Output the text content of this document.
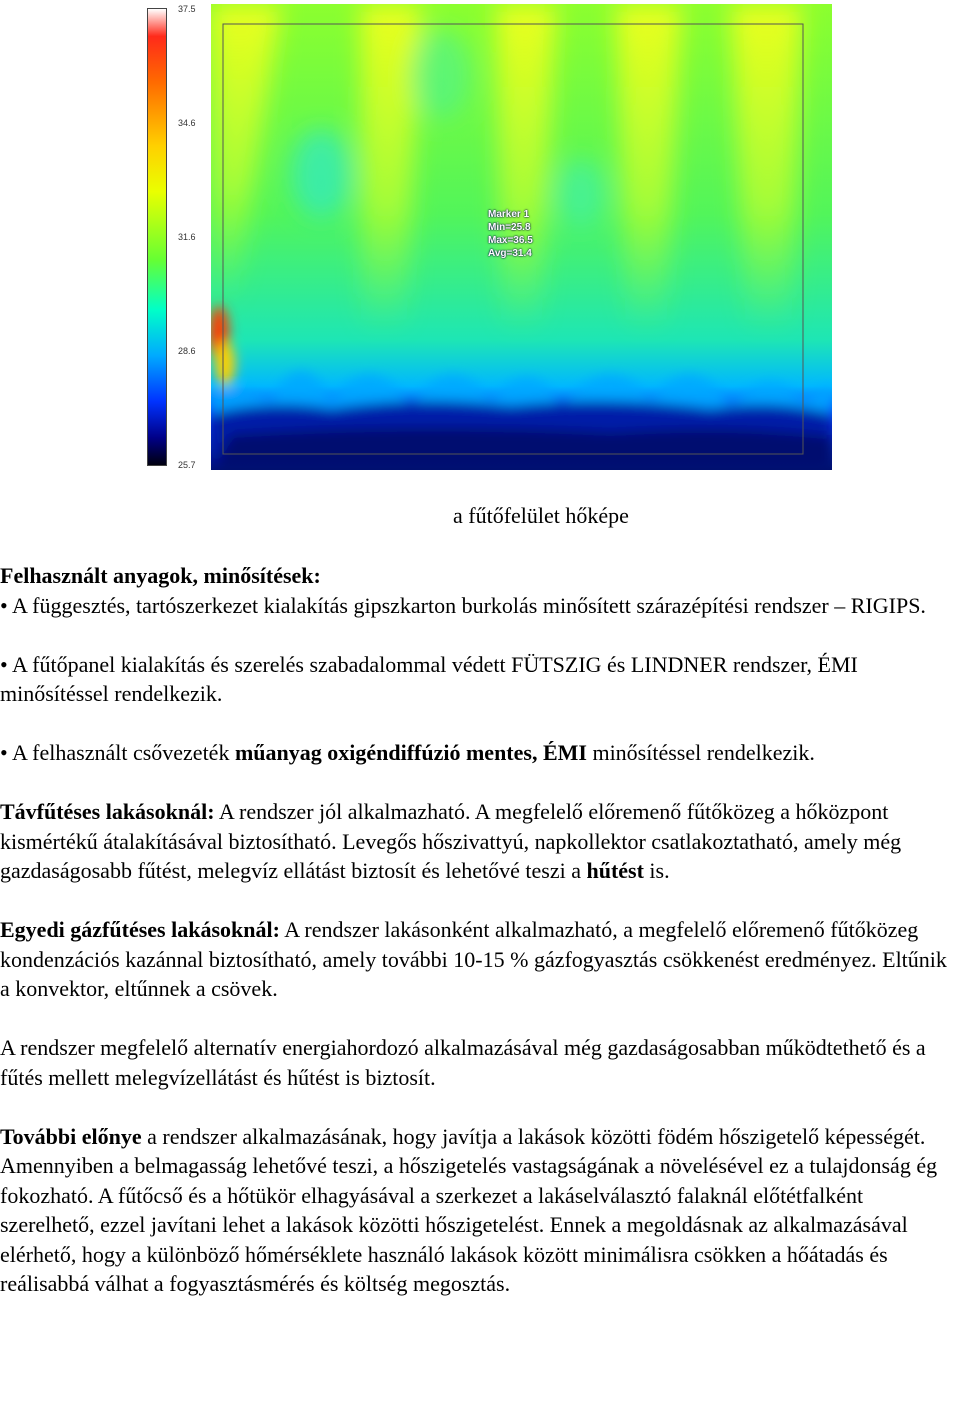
37.5
34.6
31.6
28.6
25.7
Marker 1
Min=25.8
Max=36.5
Avg=31.4
a fűtőfelület hőképe

Felhasznált anyagok, minősítések:
• A függesztés, tartószerkezet kialakítás gipszkarton burkolás minősített szárazépítési rendszer – RIGIPS.

• A fűtőpanel kialakítás és szerelés szabadalommal védett FÜTSZIG és LINDNER rendszer, ÉMI minősítéssel rendelkezik.

• A felhasznált csővezeték műanyag oxigéndiffúzió mentes, ÉMI minősítéssel rendelkezik.

Távfűtéses lakásoknál: A rendszer jól alkalmazható. A megfelelő előremenő fűtőközeg a hőközpont kismértékű átalakításával biztosítható. Levegős hőszivattyú, napkollektor csatlakoztatható, amely még gazdaságosabb fűtést, melegvíz ellátást biztosít és lehetővé teszi a hűtést is.

Egyedi gázfűtéses lakásoknál: A rendszer lakásonként alkalmazható, a megfelelő előremenő fűtőközeg kondenzációs kazánnal biztosítható, amely további 10-15 % gázfogyasztás csökkenést eredményez. Eltűnik a konvektor, eltűnnek a csövek.

A rendszer megfelelő alternatív energiahordozó alkalmazásával még gazdaságosabban működtethető és a fűtés mellett melegvízellátást és hűtést is biztosít.

További előnye a rendszer alkalmazásának, hogy javítja a lakások közötti födém hőszigetelő képességét. Amennyiben a belmagasság lehetővé teszi, a hőszigetelés vastagságának a növelésével ez a tulajdonság ég fokozható. A fűtőcső és a hőtükör elhagyásával a szerkezet a lakáselválasztó falaknál előtétfalként szerelhető, ezzel javítani lehet a lakások közötti hőszigetelést. Ennek a megoldásnak az alkalmazásával elérhető, hogy a különböző hőmérséklete használó lakások között minimálisra csökken a hőátadás és reálisabbá válhat a fogyasztásmérés és költség megosztás.
